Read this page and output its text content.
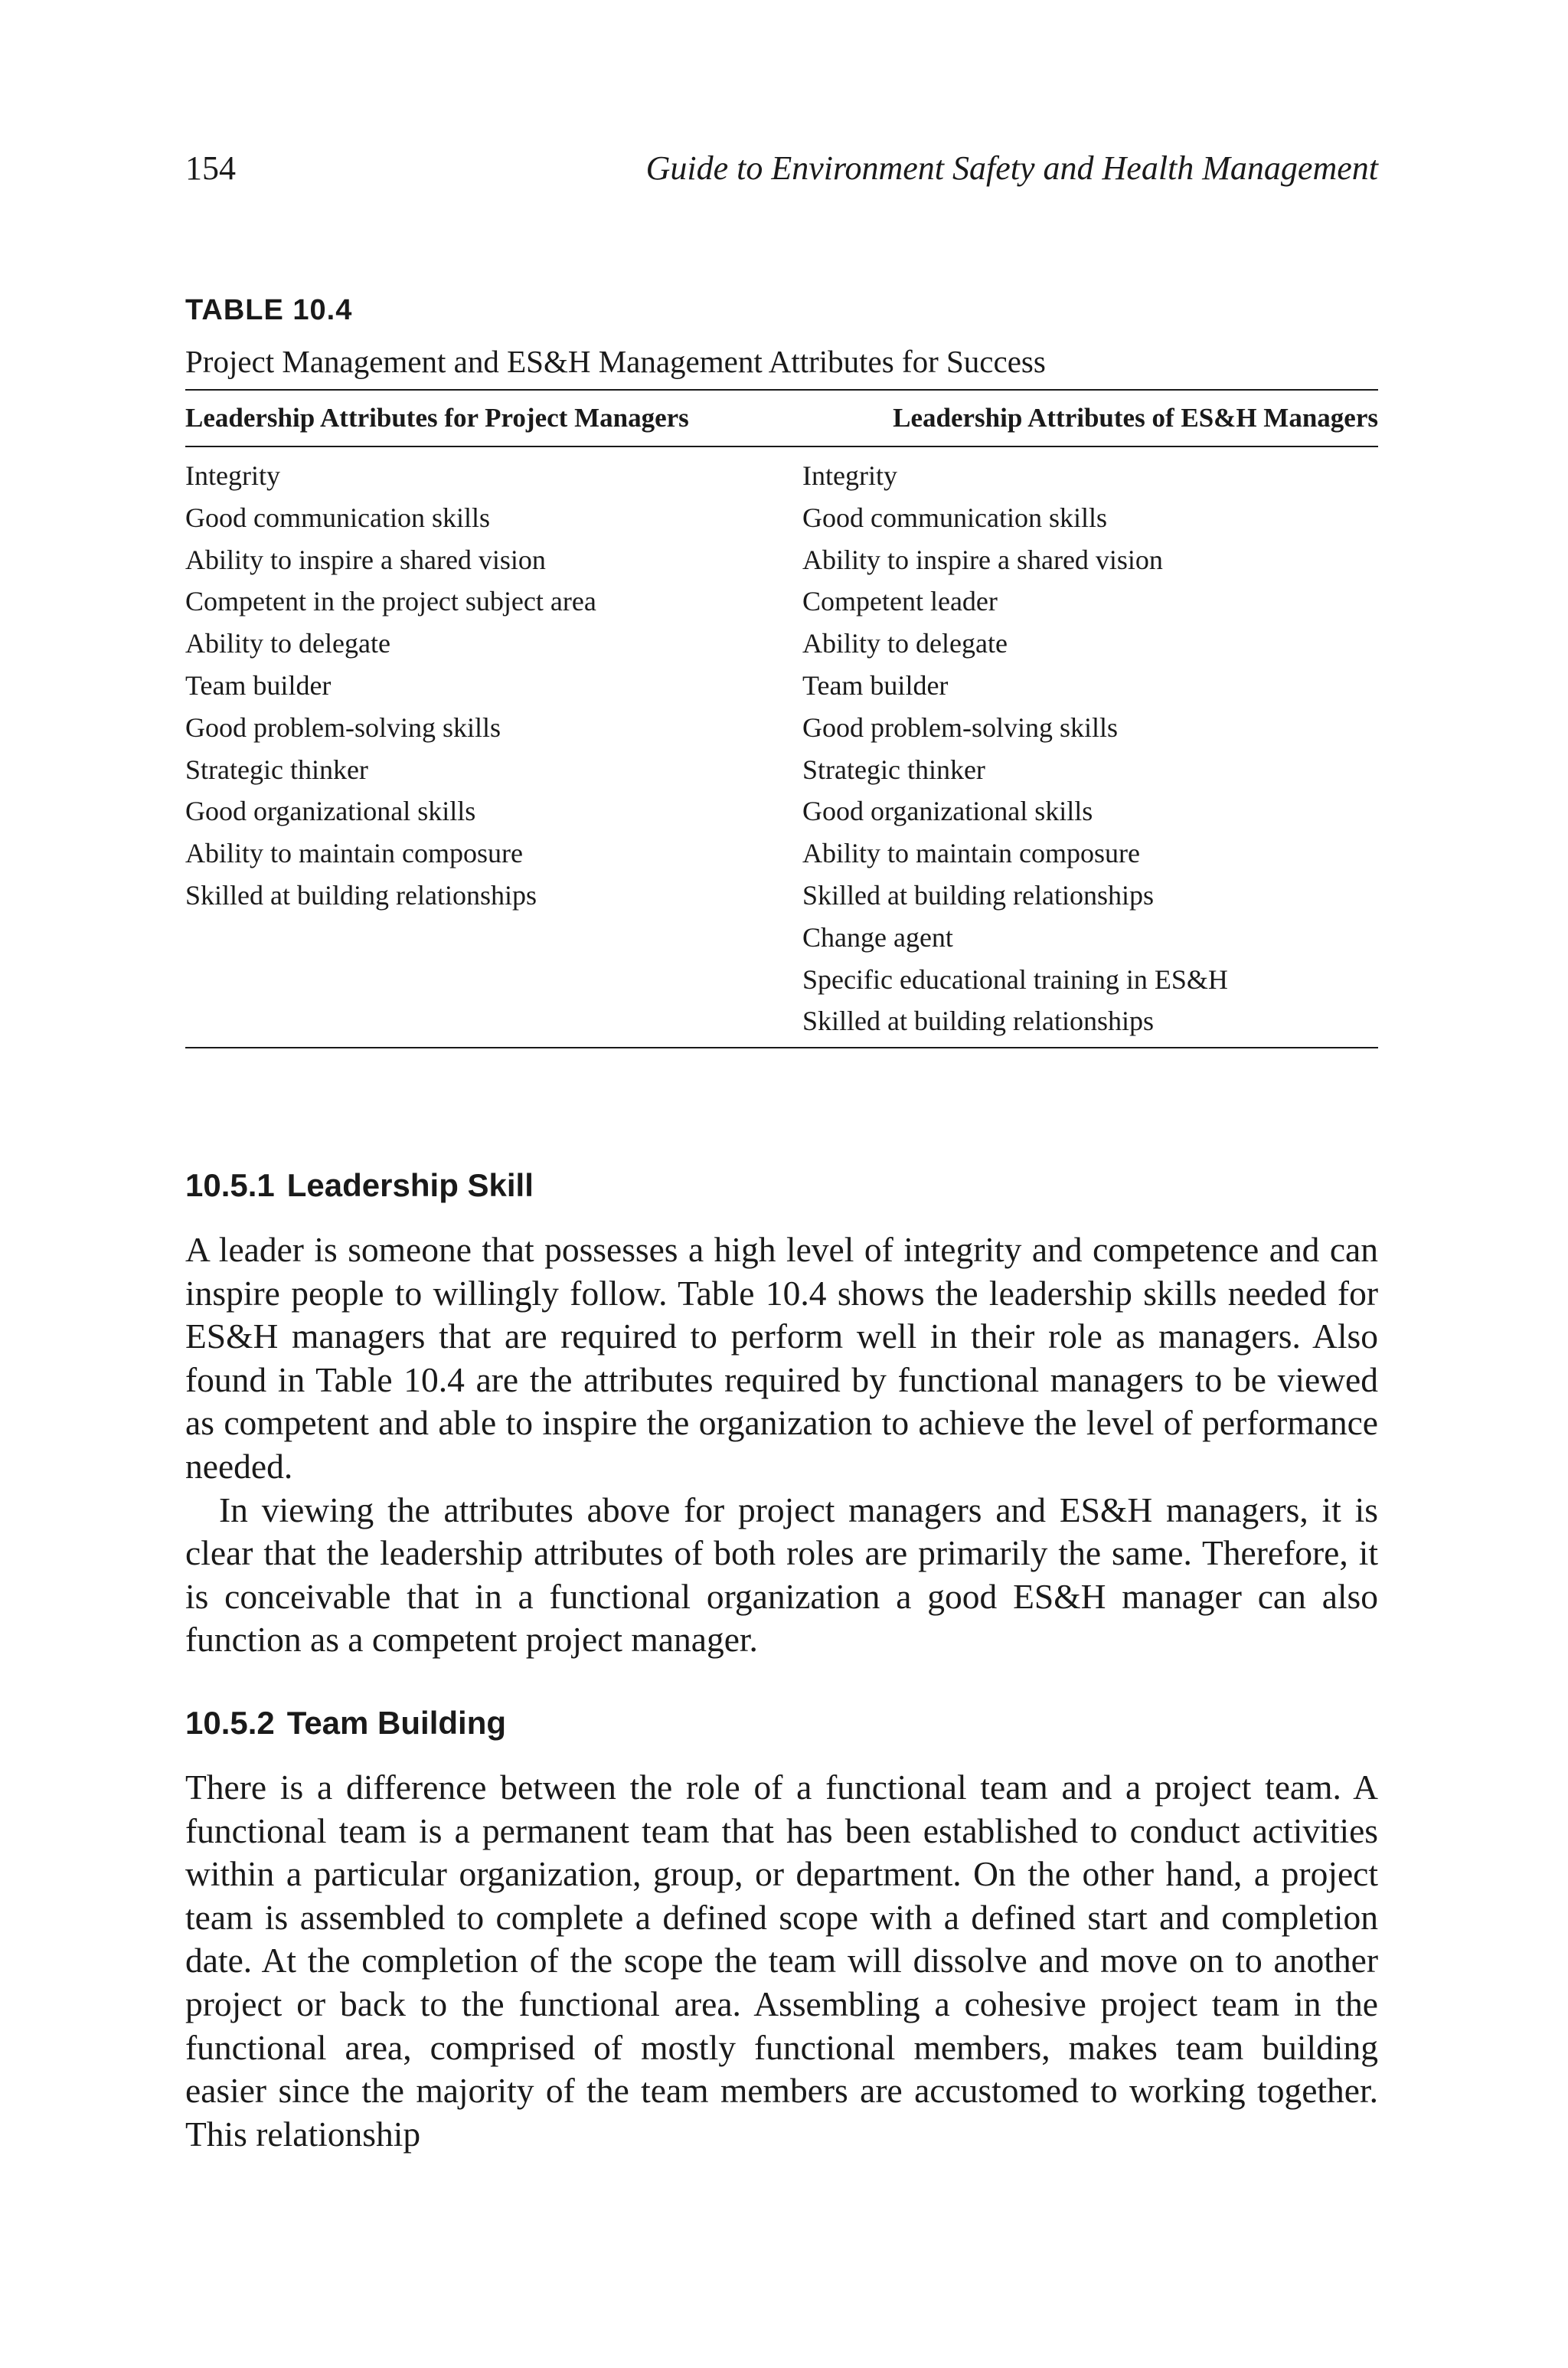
154	Guide to Environment Safety and Health Management
TABLE 10.4
Project Management and ES&H Management Attributes for Success
Leadership Attributes for Project Managers	Leadership Attributes of ES&H Managers
Integrity	Integrity
Good communication skills	Good communication skills
Ability to inspire a shared vision	Ability to inspire a shared vision
Competent in the project subject area	Competent leader
Ability to delegate	Ability to delegate
Team builder	Team builder
Good problem-solving skills	Good problem-solving skills
Strategic thinker	Strategic thinker
Good organizational skills	Good organizational skills
Ability to maintain composure	Ability to maintain composure
Skilled at building relationships	Skilled at building relationships
	Change agent
	Specific educational training in ES&H
	Skilled at building relationships
10.5.1 Leadership Skill

A leader is someone that possesses a high level of integrity and competence and can inspire people to willingly follow. Table 10.4 shows the leadership skills needed for ES&H managers that are required to perform well in their role as managers. Also found in Table 10.4 are the attributes required by functional managers to be viewed as competent and able to inspire the organization to achieve the level of performance needed.

In viewing the attributes above for project managers and ES&H managers, it is clear that the leadership attributes of both roles are primarily the same. Therefore, it is conceivable that in a functional organization a good ES&H manager can also function as a competent project manager.

10.5.2 Team Building

There is a difference between the role of a functional team and a project team. A functional team is a permanent team that has been established to conduct activities within a particular organization, group, or department. On the other hand, a project team is assembled to complete a defined scope with a defined start and completion date. At the completion of the scope the team will dissolve and move on to another project or back to the functional area. Assembling a cohesive project team in the functional area, comprised of mostly functional members, makes team building easier since the majority of the team members are accustomed to working together. This relationship
